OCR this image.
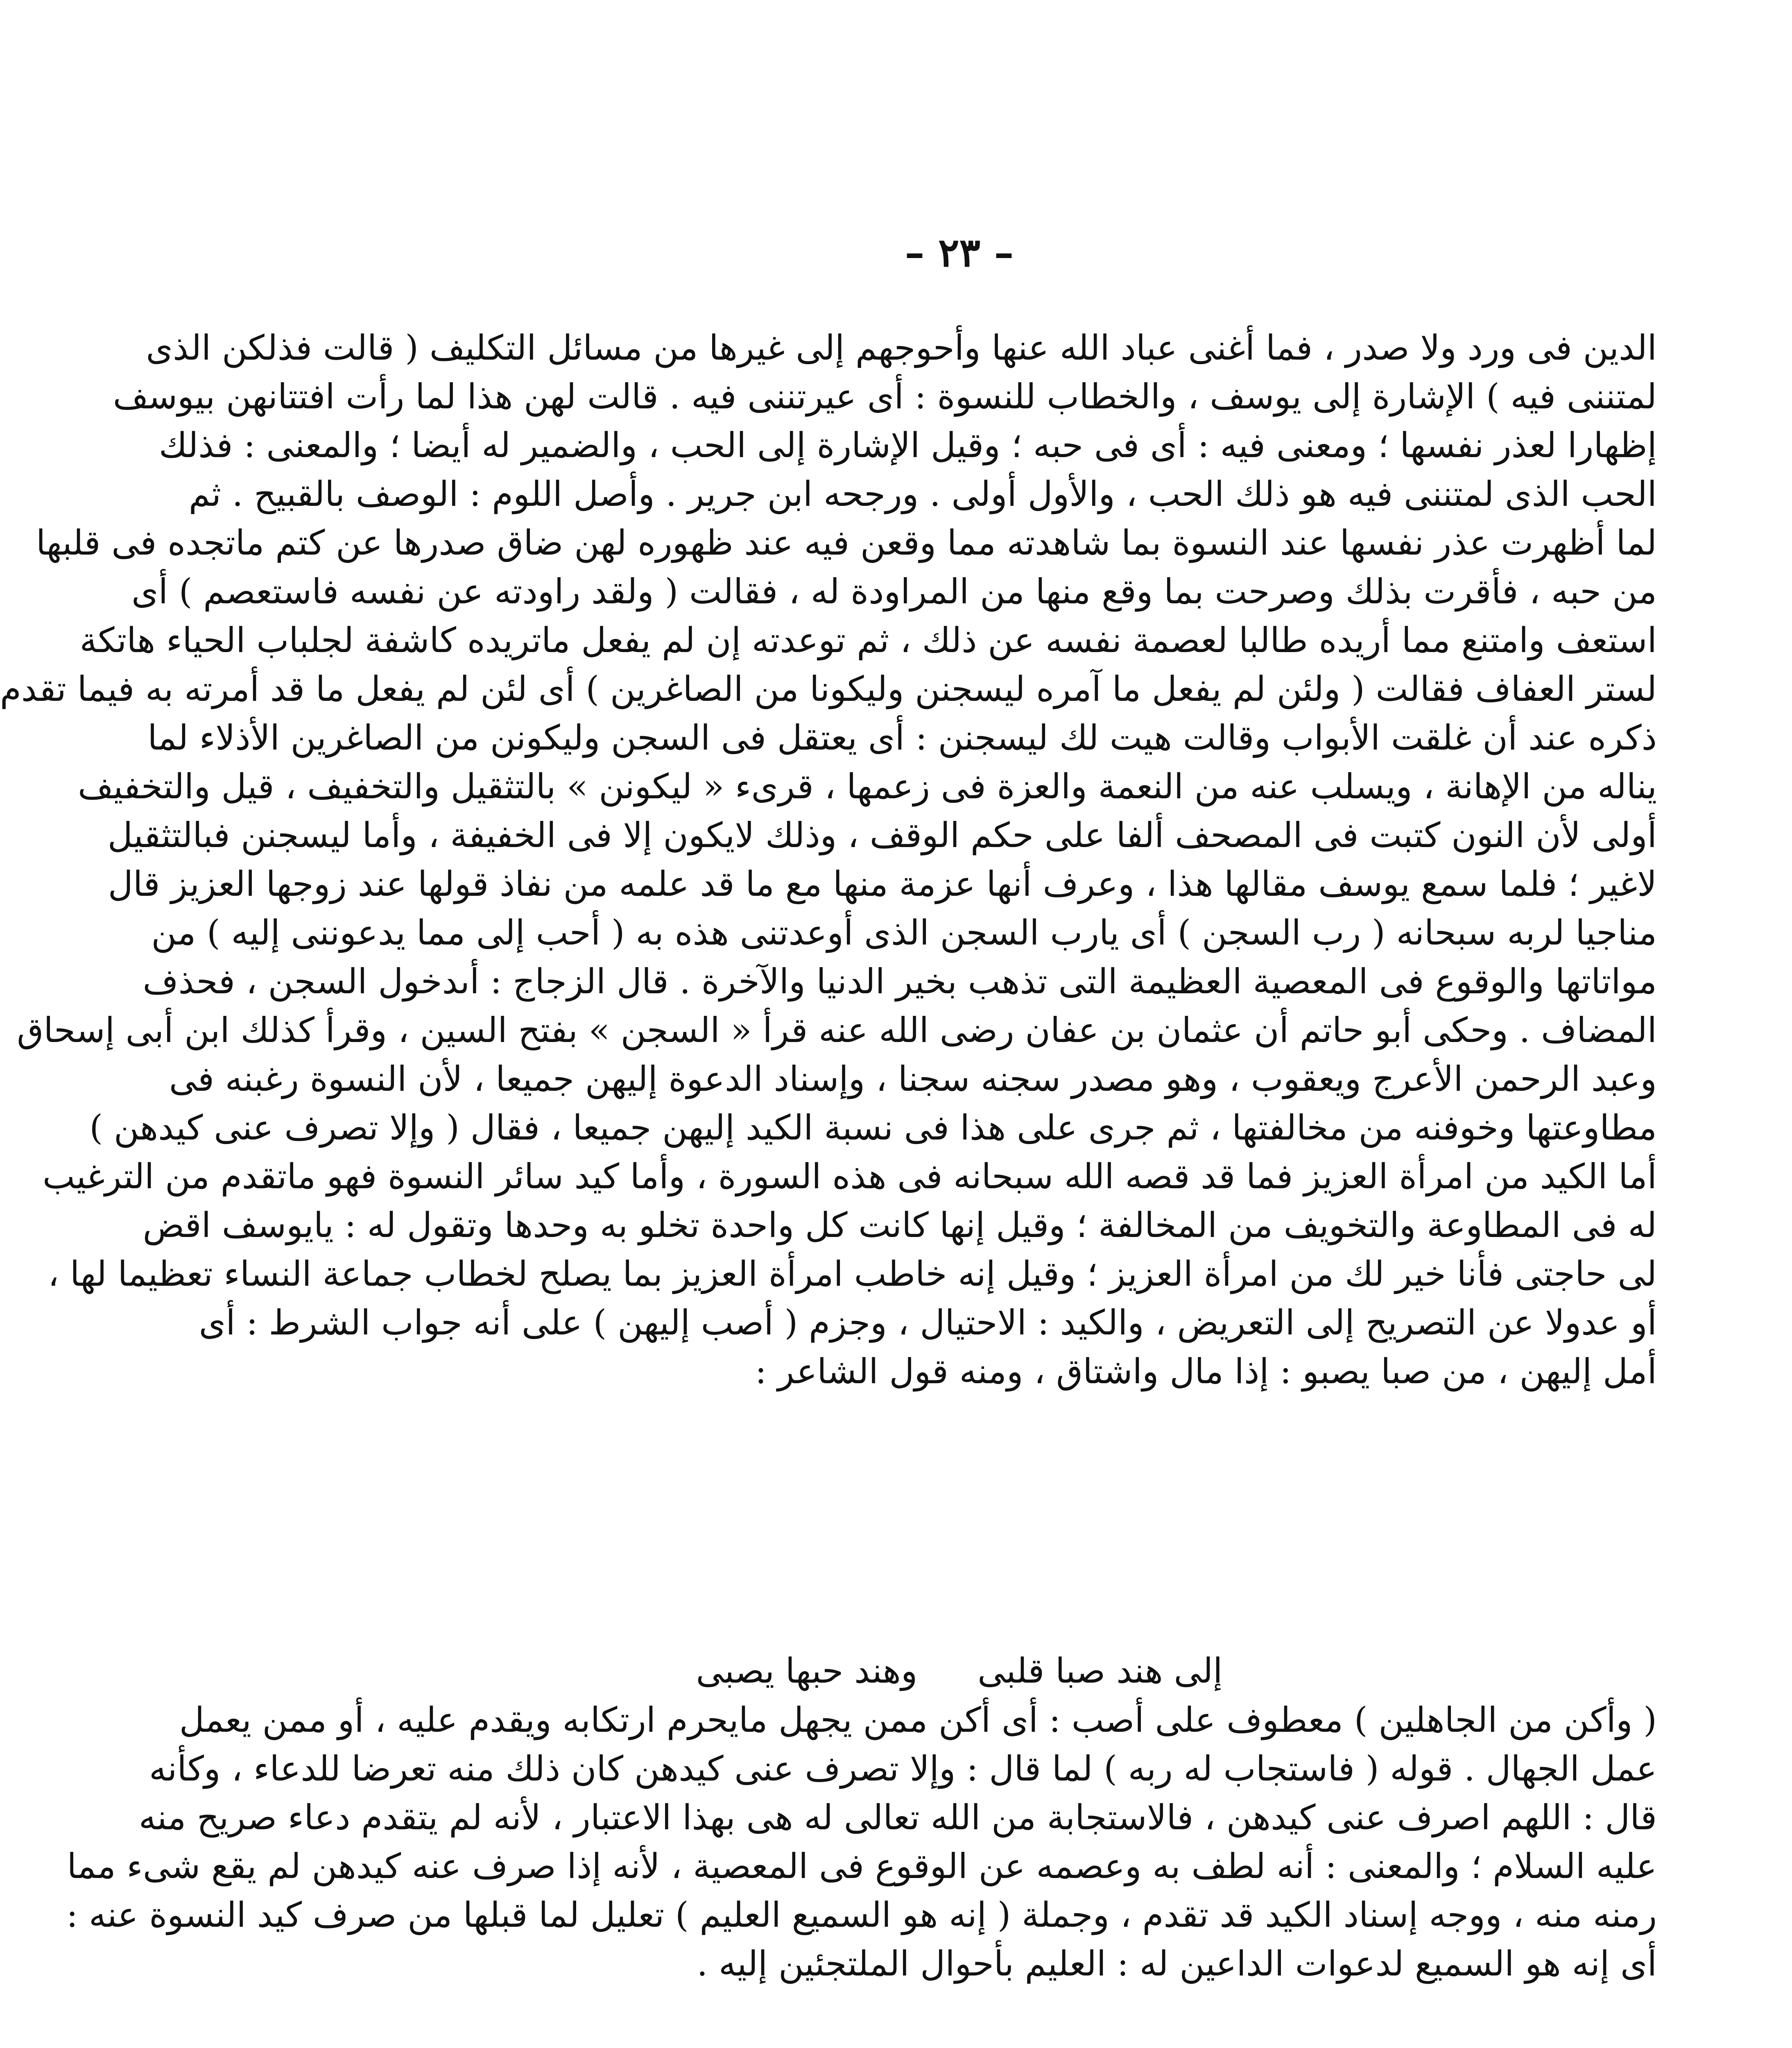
– ٢٣ –
الدين فى ورد ولا صدر ، فما أغنى عباد الله عنها وأحوجهم إلى غيرها من مسائل التكليف ( قالت فذلكن الذى
لمتننى فيه ) الإشارة إلى يوسف ، والخطاب للنسوة : أى عيرتننى فيه . قالت لهن هذا لما رأت افتتانهن بيوسف
إظهارا لعذر نفسها ؛ ومعنى فيه : أى فى حبه ؛ وقيل الإشارة إلى الحب ، والضمير له أيضا ؛ والمعنى : فذلك
الحب الذى لمتننى فيه هو ذلك الحب ، والأول أولى . ورجحه ابن جرير . وأصل اللوم : الوصف بالقبيح . ثم
لما أظهرت عذر نفسها عند النسوة بما شاهدته مما وقعن فيه عند ظهوره لهن ضاق صدرها عن كتم ماتجده فى قلبها
من حبه ، فأقرت بذلك وصرحت بما وقع منها من المراودة له ، فقالت ( ولقد راودته عن نفسه فاستعصم ) أى
استعف وامتنع مما أريده طالبا لعصمة نفسه عن ذلك ، ثم توعدته إن لم يفعل ماتريده كاشفة لجلباب الحياء هاتكة
لستر العفاف فقالت ( ولئن لم يفعل ما آمره ليسجنن وليكونا من الصاغرين ) أى لئن لم يفعل ما قد أمرته به فيما تقدم
ذكره عند أن غلقت الأبواب وقالت هيت لك ليسجنن : أى يعتقل فى السجن وليكونن من الصاغرين الأذلاء لما
يناله من الإهانة ، ويسلب عنه من النعمة والعزة فى زعمها ، قرىء « ليكونن » بالتثقيل والتخفيف ، قيل والتخفيف
أولى لأن النون كتبت فى المصحف ألفا على حكم الوقف ، وذلك لايكون إلا فى الخفيفة ، وأما ليسجنن فبالتثقيل
لاغير ؛ فلما سمع يوسف مقالها هذا ، وعرف أنها عزمة منها مع ما قد علمه من نفاذ قولها عند زوجها العزيز قال
مناجيا لربه سبحانه ( رب السجن ) أى يارب السجن الذى أوعدتنى هذه به ( أحب إلى مما يدعوننى إليه ) من
مواتاتها والوقوع فى المعصية العظيمة التى تذهب بخير الدنيا والآخرة . قال الزجاج : أىدخول السجن ، فحذف
المضاف . وحكى أبو حاتم أن عثمان بن عفان رضى الله عنه قرأ « السجن » بفتح السين ، وقرأ كذلك ابن أبى إسحاق
وعبد الرحمن الأعرج ويعقوب ، وهو مصدر سجنه سجنا ، وإسناد الدعوة إليهن جميعا ، لأن النسوة رغبنه فى
مطاوعتها وخوفنه من مخالفتها ، ثم جرى على هذا فى نسبة الكيد إليهن جميعا ، فقال ( وإلا تصرف عنى كيدهن )
أما الكيد من امرأة العزيز فما قد قصه الله سبحانه فى هذه السورة ، وأما كيد سائر النسوة فهو ماتقدم من الترغيب
له فى المطاوعة والتخويف من المخالفة ؛ وقيل إنها كانت كل واحدة تخلو به وحدها وتقول له : يايوسف اقض
لى حاجتى فأنا خير لك من امرأة العزيز ؛ وقيل إنه خاطب امرأة العزيز بما يصلح لخطاب جماعة النساء تعظيما لها ،
أو عدولا عن التصريح إلى التعريض ، والكيد : الاحتيال ، وجزم ( أصب إليهن ) على أنه جواب الشرط : أى
أمل إليهن ، من صبا يصبو : إذا مال واشتاق ، ومنه قول الشاعر :
إلى هند صبا قلبى وهند حبها يصبى
( وأكن من الجاهلين ) معطوف على أصب : أى أكن ممن يجهل مايحرم ارتكابه ويقدم عليه ، أو ممن يعمل
عمل الجهال . قوله ( فاستجاب له ربه ) لما قال : وإلا تصرف عنى كيدهن كان ذلك منه تعرضا للدعاء ، وكأنه
قال : اللهم اصرف عنى كيدهن ، فالاستجابة من الله تعالى له هى بهذا الاعتبار ، لأنه لم يتقدم دعاء صريح منه
عليه السلام ؛ والمعنى : أنه لطف به وعصمه عن الوقوع فى المعصية ، لأنه إذا صرف عنه كيدهن لم يقع شىء مما
رمنه منه ، ووجه إسناد الكيد قد تقدم ، وجملة ( إنه هو السميع العليم ) تعليل لما قبلها من صرف كيد النسوة عنه :
أى إنه هو السميع لدعوات الداعين له : العليم بأحوال الملتجئين إليه .
